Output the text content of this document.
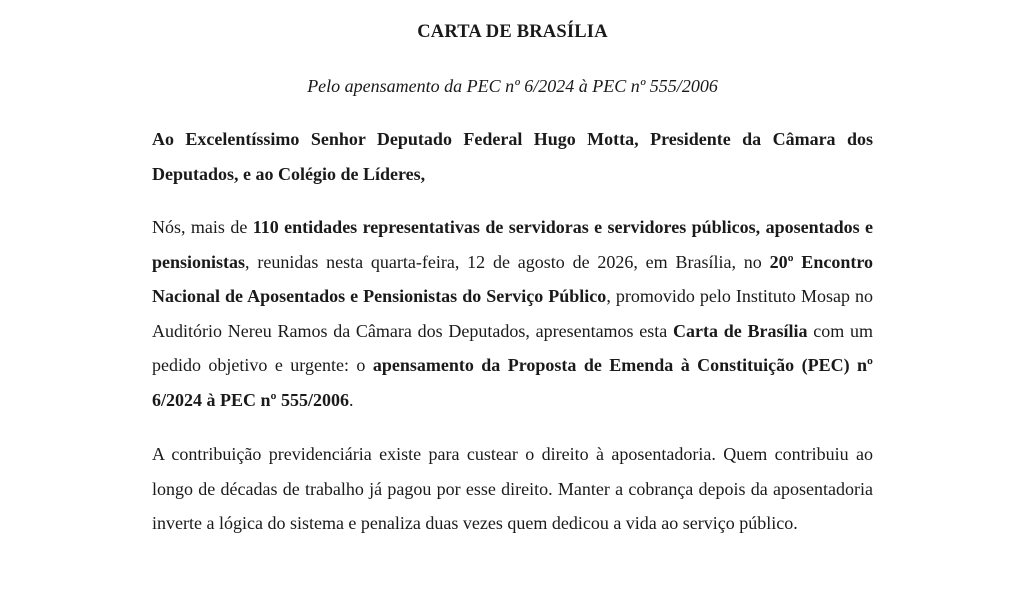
CARTA DE BRASÍLIA

Pelo apensamento da PEC nº 6/2024 à PEC nº 555/2006

Ao Excelentíssimo Senhor Deputado Federal Hugo Motta, Presidente da Câmara dos Deputados, e ao Colégio de Líderes,

Nós, mais de 110 entidades representativas de servidoras e servidores públicos, aposentados e pensionistas, reunidas nesta quarta-feira, 12 de agosto de 2026, em Brasília, no 20º Encontro Nacional de Aposentados e Pensionistas do Serviço Público, promovido pelo Instituto Mosap no Auditório Nereu Ramos da Câmara dos Deputados, apresentamos esta Carta de Brasília com um pedido objetivo e urgente: o apensamento da Proposta de Emenda à Constituição (PEC) nº 6/2024 à PEC nº 555/2006.

A contribuição previdenciária existe para custear o direito à aposentadoria. Quem contribuiu ao longo de décadas de trabalho já pagou por esse direito. Manter a cobrança depois da aposentadoria inverte a lógica do sistema e penaliza duas vezes quem dedicou a vida ao serviço público.
